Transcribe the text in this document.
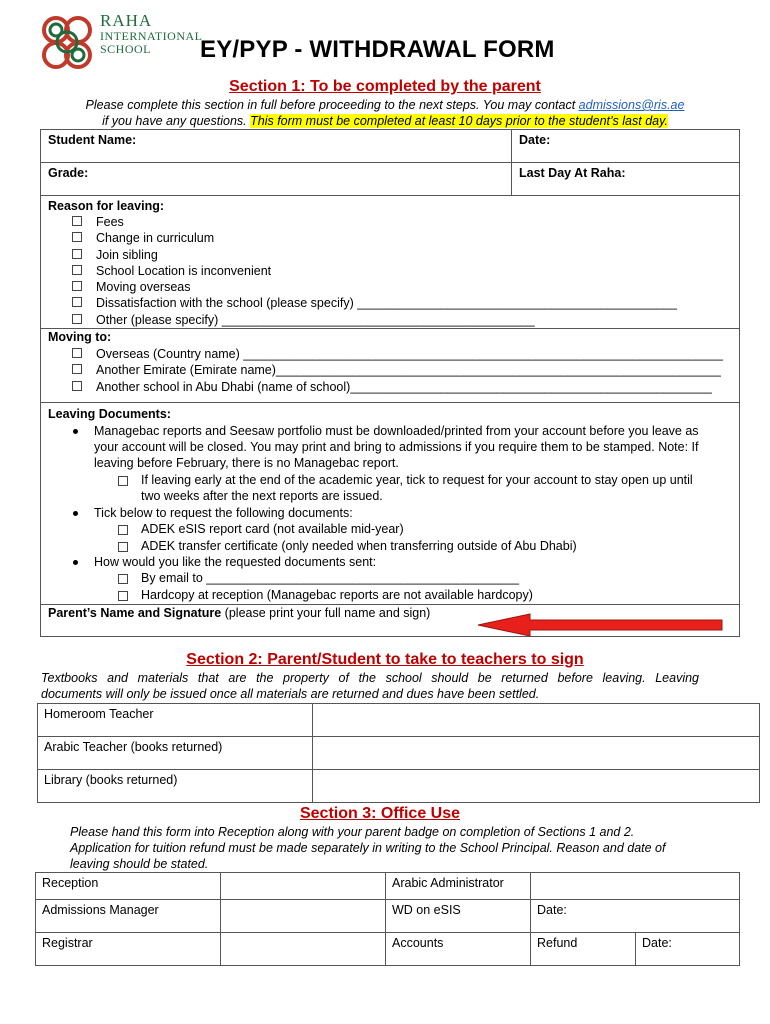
RAHA
INTERNATIONAL
SCHOOL	EY/PYP - WITHDRAWAL FORM
Section 1: To be completed by the parent
Please complete this section in full before proceeding to the next steps. You may contact admissions@ris.ae
if you have any questions. This form must be completed at least 10 days prior to the student’s last day.
Student Name:	Date:
Grade:	Last Day At Raha:
Reason for leaving:
Fees
Change in curriculum
Join sibling
School Location is inconvenient
Moving overseas
Dissatisfaction with the school (please specify) ______________________________________________
Other (please specify) _____________________________________________
Moving to:
Overseas (Country name) _____________________________________________________________________
Another Emirate (Emirate name)________________________________________________________________
Another school in Abu Dhabi (name of school)____________________________________________________
Leaving Documents:
Managebac reports and Seesaw portfolio must be downloaded/printed from your account before you leave as
your account will be closed. You may print and bring to admissions if you require them to be stamped. Note: If
leaving before February, there is no Managebac report.
If leaving early at the end of the academic year, tick to request for your account to stay open up until
two weeks after the next reports are issued.
Tick below to request the following documents:
ADEK eSIS report card (not available mid-year)
ADEK transfer certificate (only needed when transferring outside of Abu Dhabi)
How would you like the requested documents sent:
By email to _____________________________________________
Hardcopy at reception (Managebac reports are not available hardcopy)
Parent’s Name and Signature (please print your full name and sign)
Section 2: Parent/Student to take to teachers to sign
Textbooks and materials that are the property of the school should be returned before leaving. Leaving
documents will only be issued once all materials are returned and dues have been settled.
Homeroom Teacher	
Arabic Teacher (books returned)	
Library (books returned)	
Section 3: Office Use
Please hand this form into Reception along with your parent badge on completion of Sections 1 and 2.
Application for tuition refund must be made separately in writing to the School Principal. Reason and date of
leaving should be stated.
Reception		Arabic Administrator		
Admissions Manager		WD on eSIS	Date:	
Registrar		Accounts	Refund	Date:
